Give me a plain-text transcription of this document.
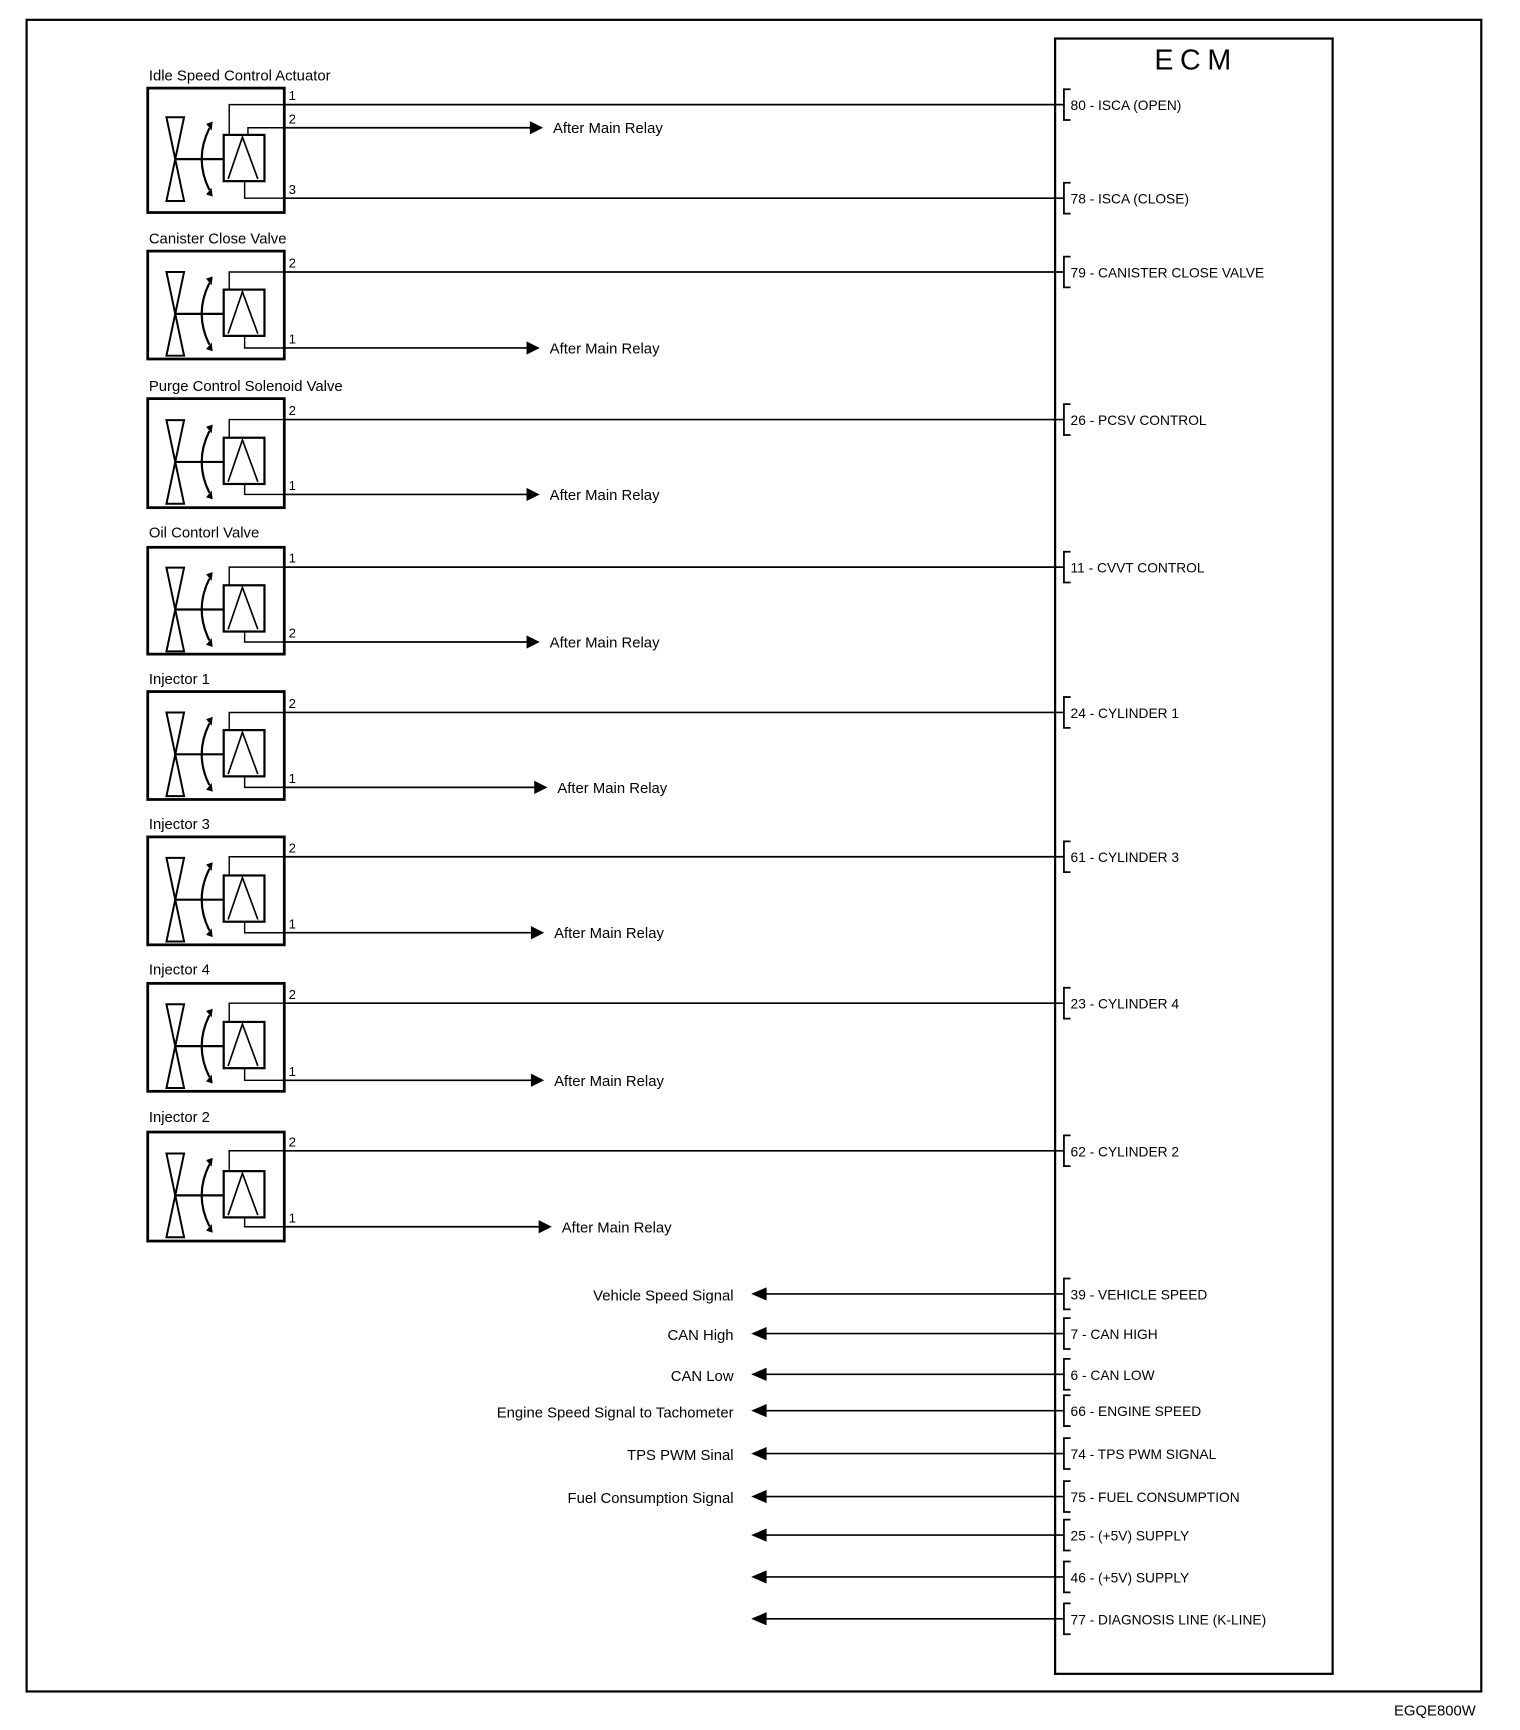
ECM
EGQE800W
Idle Speed Control Actuator
1
80 - ISCA (OPEN)
2
After Main Relay
3
78 - ISCA (CLOSE)
Canister Close Valve
2
79 - CANISTER CLOSE VALVE
1
After Main Relay
Purge Control Solenoid Valve
2
26 - PCSV CONTROL
1
After Main Relay
Oil Contorl Valve
1
11 - CVVT CONTROL
2
After Main Relay
Injector 1
2
24 - CYLINDER 1
1
After Main Relay
Injector 3
2
61 - CYLINDER 3
1
After Main Relay
Injector 4
2
23 - CYLINDER 4
1
After Main Relay
Injector 2
2
62 - CYLINDER 2
1
After Main Relay
Vehicle Speed Signal	39 - VEHICLE SPEED
CAN High	7 - CAN HIGH
CAN Low	6 - CAN LOW
Engine Speed Signal to Tachometer	66 - ENGINE SPEED
TPS PWM Sinal	74 - TPS PWM SIGNAL
Fuel Consumption Signal	75 - FUEL CONSUMPTION
25 - (+5V) SUPPLY
46 - (+5V) SUPPLY
77 - DIAGNOSIS LINE (K-LINE)
